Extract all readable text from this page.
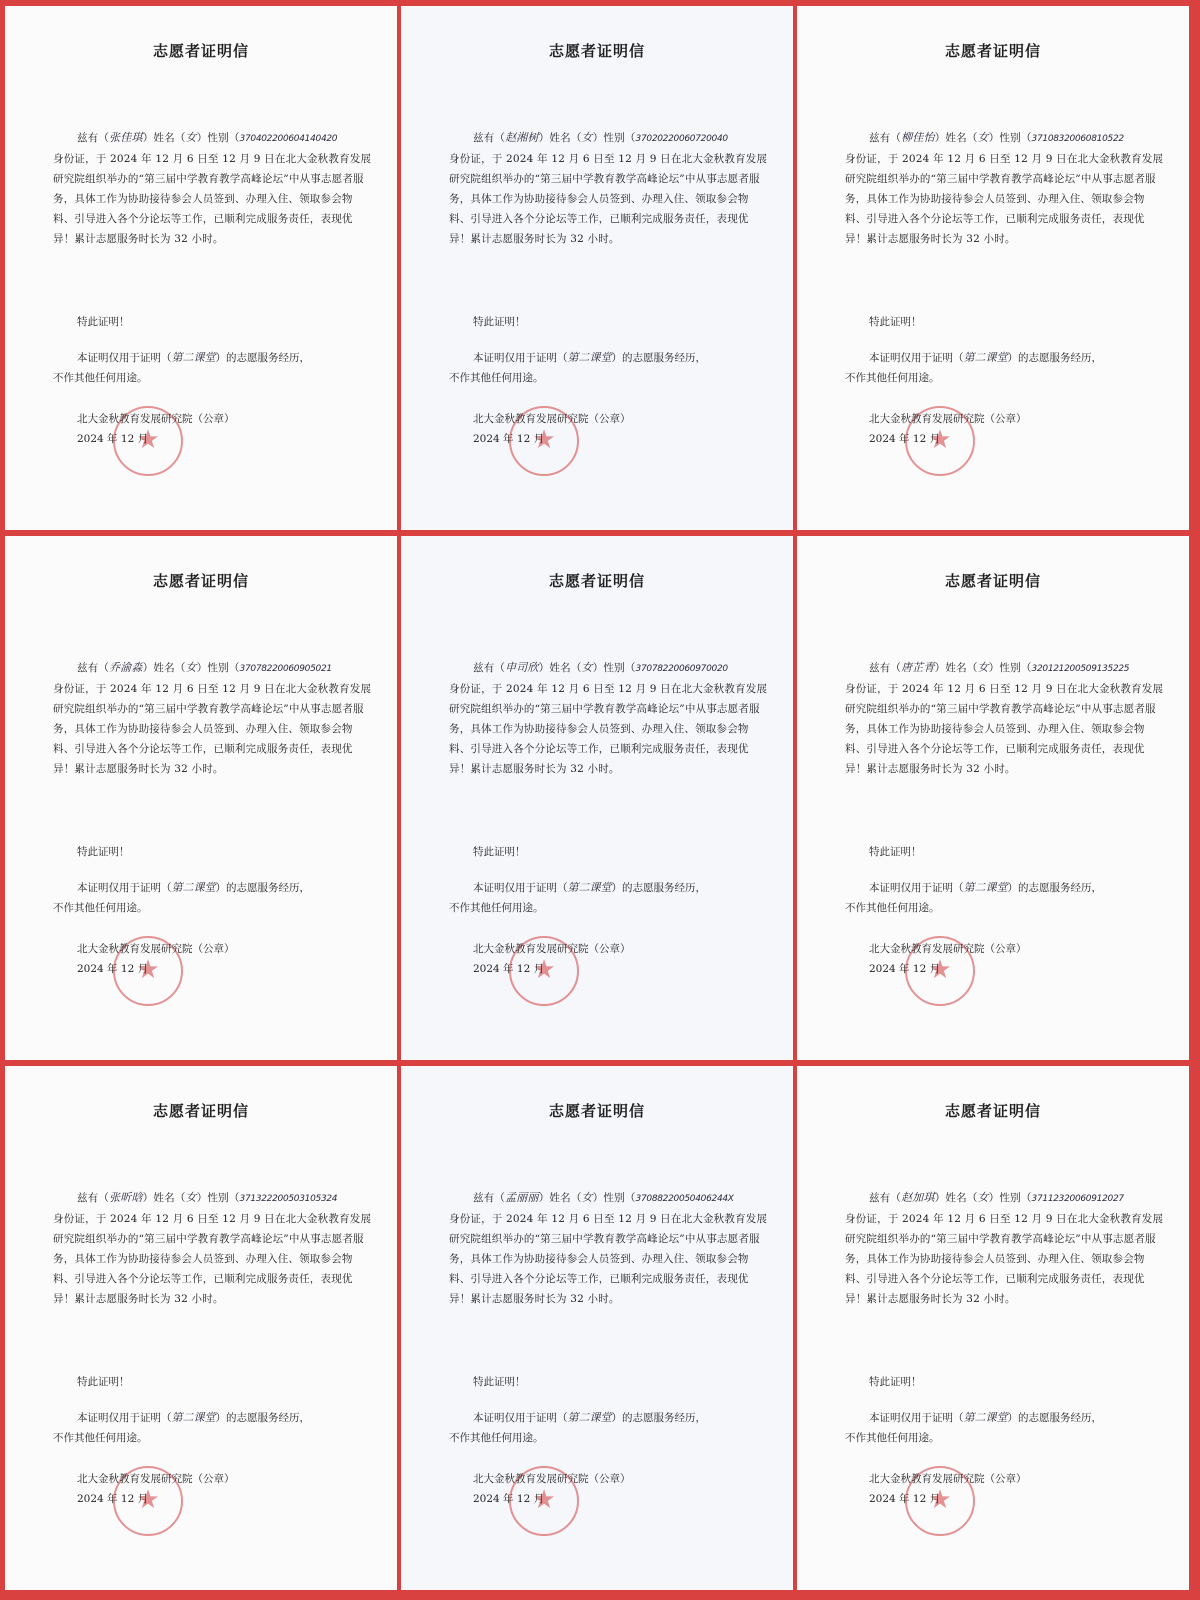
志愿者证明信

兹有（张佳琪）姓名（女）性别（370402200604140420

身份证，于 2024 年 12 月 6 日至 12 月 9 日在北大金秋教育发展研究院组织举办的“第三届中学教育教学高峰论坛”中从事志愿者服务，具体工作为协助接待参会人员签到、办理入住、领取参会物料、引导进入各个分论坛等工作，已顺利完成服务责任，表现优异！累计志愿服务时长为 32 小时。

特此证明！

本证明仅用于证明（第二课堂）的志愿服务经历，

不作其他任何用途。

★
北大金秋教育发展研究院（公章）
2024 年 12 月
志愿者证明信

兹有（赵湘树）姓名（女）性别（37020220060720040

身份证，于 2024 年 12 月 6 日至 12 月 9 日在北大金秋教育发展研究院组织举办的“第三届中学教育教学高峰论坛”中从事志愿者服务，具体工作为协助接待参会人员签到、办理入住、领取参会物料、引导进入各个分论坛等工作，已顺利完成服务责任，表现优异！累计志愿服务时长为 32 小时。

特此证明！

本证明仅用于证明（第二课堂）的志愿服务经历，

不作其他任何用途。

★
北大金秋教育发展研究院（公章）
2024 年 12 月
志愿者证明信

兹有（柳佳怡）姓名（女）性别（37108320060810522

身份证，于 2024 年 12 月 6 日至 12 月 9 日在北大金秋教育发展研究院组织举办的“第三届中学教育教学高峰论坛”中从事志愿者服务，具体工作为协助接待参会人员签到、办理入住、领取参会物料、引导进入各个分论坛等工作，已顺利完成服务责任，表现优异！累计志愿服务时长为 32 小时。

特此证明！

本证明仅用于证明（第二课堂）的志愿服务经历，

不作其他任何用途。

★
北大金秋教育发展研究院（公章）
2024 年 12 月
志愿者证明信

兹有（乔渝淼）姓名（女）性别（37078220060905021

身份证，于 2024 年 12 月 6 日至 12 月 9 日在北大金秋教育发展研究院组织举办的“第三届中学教育教学高峰论坛”中从事志愿者服务，具体工作为协助接待参会人员签到、办理入住、领取参会物料、引导进入各个分论坛等工作，已顺利完成服务责任，表现优异！累计志愿服务时长为 32 小时。

特此证明！

本证明仅用于证明（第二课堂）的志愿服务经历，

不作其他任何用途。

★
北大金秋教育发展研究院（公章）
2024 年 12 月
志愿者证明信

兹有（申司欣）姓名（女）性别（37078220060970020

身份证，于 2024 年 12 月 6 日至 12 月 9 日在北大金秋教育发展研究院组织举办的“第三届中学教育教学高峰论坛”中从事志愿者服务，具体工作为协助接待参会人员签到、办理入住、领取参会物料、引导进入各个分论坛等工作，已顺利完成服务责任，表现优异！累计志愿服务时长为 32 小时。

特此证明！

本证明仅用于证明（第二课堂）的志愿服务经历，

不作其他任何用途。

★
北大金秋教育发展研究院（公章）
2024 年 12 月
志愿者证明信

兹有（唐芷青）姓名（女）性别（320121200509135225

身份证，于 2024 年 12 月 6 日至 12 月 9 日在北大金秋教育发展研究院组织举办的“第三届中学教育教学高峰论坛”中从事志愿者服务，具体工作为协助接待参会人员签到、办理入住、领取参会物料、引导进入各个分论坛等工作，已顺利完成服务责任，表现优异！累计志愿服务时长为 32 小时。

特此证明！

本证明仅用于证明（第二课堂）的志愿服务经历，

不作其他任何用途。

★
北大金秋教育发展研究院（公章）
2024 年 12 月
志愿者证明信

兹有（张昕晗）姓名（女）性别（371322200503105324

身份证，于 2024 年 12 月 6 日至 12 月 9 日在北大金秋教育发展研究院组织举办的“第三届中学教育教学高峰论坛”中从事志愿者服务，具体工作为协助接待参会人员签到、办理入住、领取参会物料、引导进入各个分论坛等工作，已顺利完成服务责任，表现优异！累计志愿服务时长为 32 小时。

特此证明！

本证明仅用于证明（第二课堂）的志愿服务经历，

不作其他任何用途。

★
北大金秋教育发展研究院（公章）
2024 年 12 月
志愿者证明信

兹有（孟丽丽）姓名（女）性别（37088220050406244X

身份证，于 2024 年 12 月 6 日至 12 月 9 日在北大金秋教育发展研究院组织举办的“第三届中学教育教学高峰论坛”中从事志愿者服务，具体工作为协助接待参会人员签到、办理入住、领取参会物料、引导进入各个分论坛等工作，已顺利完成服务责任，表现优异！累计志愿服务时长为 32 小时。

特此证明！

本证明仅用于证明（第二课堂）的志愿服务经历，

不作其他任何用途。

★
北大金秋教育发展研究院（公章）
2024 年 12 月
志愿者证明信

兹有（赵加琪）姓名（女）性别（37112320060912027

身份证，于 2024 年 12 月 6 日至 12 月 9 日在北大金秋教育发展研究院组织举办的“第三届中学教育教学高峰论坛”中从事志愿者服务，具体工作为协助接待参会人员签到、办理入住、领取参会物料、引导进入各个分论坛等工作，已顺利完成服务责任，表现优异！累计志愿服务时长为 32 小时。

特此证明！

本证明仅用于证明（第二课堂）的志愿服务经历，

不作其他任何用途。

★
北大金秋教育发展研究院（公章）
2024 年 12 月
